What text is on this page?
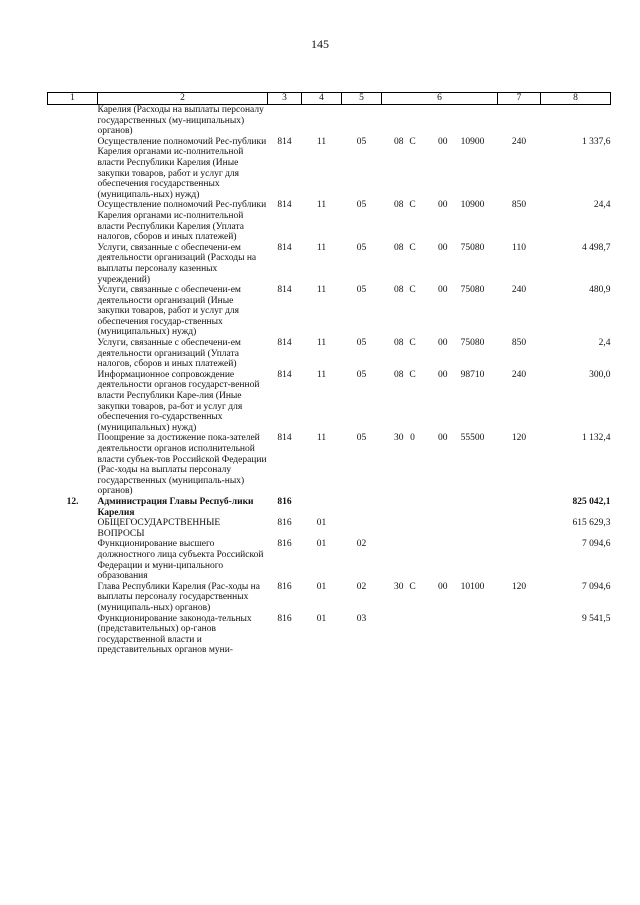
145
1	2	3	4	5	6				7	8
	Карелия (Расходы на выплаты персоналу государственных (му-ниципальных) органов)									
	Осуществление полномочий Рес-публики Карелия органами ис-полнительной власти Республики Карелия (Иные закупки товаров, работ и услуг для обеспечения государственных (муниципаль-ных) нужд)	814	11	05	08	С	00	10900	240	1 337,6
	Осуществление полномочий Рес-публики Карелия органами ис-полнительной власти Республики Карелия (Уплата налогов, сборов и иных платежей)	814	11	05	08	С	00	10900	850	24,4
	Услуги, связанные с обеспечени-ем деятельности организаций (Расходы на выплаты персоналу казенных учреждений)	814	11	05	08	С	00	75080	110	4 498,7
	Услуги, связанные с обеспечени-ем деятельности организаций (Иные закупки товаров, работ и услуг для обеспечения государ-ственных (муниципальных) нужд)	814	11	05	08	С	00	75080	240	480,9
	Услуги, связанные с обеспечени-ем деятельности организаций (Уплата налогов, сборов и иных платежей)	814	11	05	08	С	00	75080	850	2,4
	Информационное сопровождение деятельности органов государст-венной власти Республики Каре-лия (Иные закупки товаров, ра-бот и услуг для обеспечения го-сударственных (муниципальных) нужд)	814	11	05	08	С	00	98710	240	300,0
	Поощрение за достижение пока-зателей деятельности органов исполнительной власти субъек-тов Российской Федерации (Рас-ходы на выплаты персоналу государственных (муниципаль-ных) органов)	814	11	05	30	0	00	55500	120	1 132,4
12.	Администрация Главы Респуб-лики Карелия	816								825 042,1
	ОБЩЕГОСУДАРСТВЕННЫЕ ВОПРОСЫ	816	01							615 629,3
	Функционирование высшего должностного лица субъекта Российской Федерации и муни-ципального образования	816	01	02						7 094,6
	Глава Республики Карелия (Рас-ходы на выплаты персоналу государственных (муниципаль-ных) органов)	816	01	02	30	С	00	10100	120	7 094,6
	Функционирование законода-тельных (представительных) ор-ганов государственной власти и представительных органов муни-	816	01	03						9 541,5
